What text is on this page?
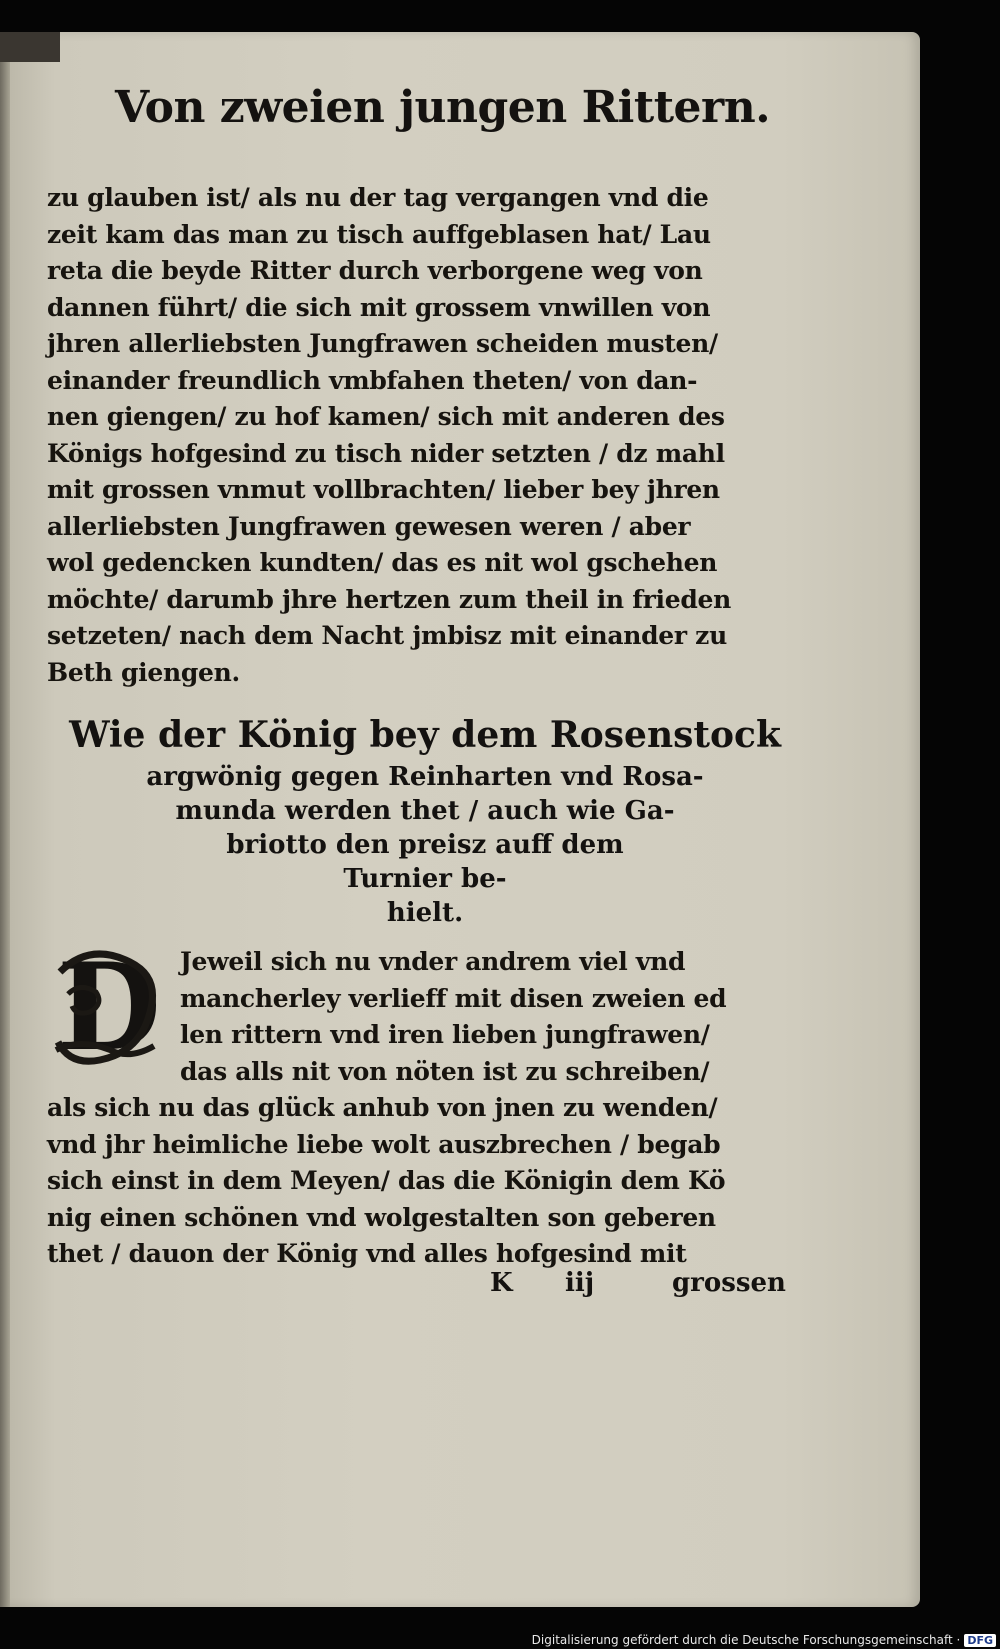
Von zweien jungen Rittern.
zu glauben ist/ als nu der tag vergangen vnd die
zeit kam das man zu tisch auffgeblasen hat/ Lau
reta die beyde Ritter durch verborgene weg von
dannen führt/ die sich mit grossem vnwillen von
jhren allerliebsten Jungfrawen scheiden musten/
einander freundlich vmbfahen theten/ von dan-
nen giengen/ zu hof kamen/ sich mit anderen des
Königs hofgesind zu tisch nider setzten / dz mahl
mit grossen vnmut vollbrachten/ lieber bey jhren
allerliebsten Jungfrawen gewesen weren / aber
wol gedencken kundten/ das es nit wol gschehen
möchte/ darumb jhre hertzen zum theil in frieden
setzeten/ nach dem Nacht jmbisz mit einander zu
Beth giengen.
Wie der König bey dem Rosenstock
argwönig gegen Reinharten vnd Rosa-
munda werden thet / auch wie Ga-
briotto den preisz auff dem
Turnier be-
hielt.
D Jeweil sich nu vnder andrem viel vnd
mancherley verlieff mit disen zweien ed
len rittern vnd iren lieben jungfrawen/
das alls nit von nöten ist zu schreiben/
als sich nu das glück anhub von jnen zu wenden/
vnd jhr heimliche liebe wolt auszbrechen / begab
sich einst in dem Meyen/ das die Königin dem Kö
nig einen schönen vnd wolgestalten son geberen
thet / dauon der König vnd alles hofgesind mit
K iij	grossen
Digitalisierung gefördert durch die Deutsche Forschungsgemeinschaft · DFG
